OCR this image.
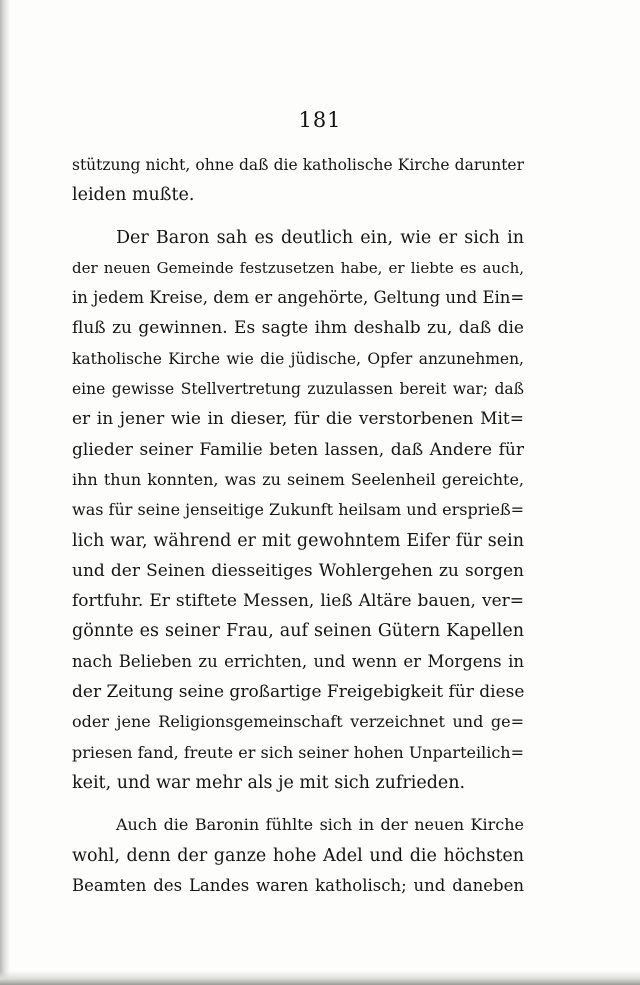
181
stützung nicht, ohne daß die katholische Kirche darunter
leiden mußte.
Der Baron sah es deutlich ein, wie er sich in
der neuen Gemeinde festzusetzen habe, er liebte es auch,
in jedem Kreise, dem er angehörte, Geltung und Ein=
fluß zu gewinnen. Es sagte ihm deshalb zu, daß die
katholische Kirche wie die jüdische, Opfer anzunehmen,
eine gewisse Stellvertretung zuzulassen bereit war; daß
er in jener wie in dieser, für die verstorbenen Mit=
glieder seiner Familie beten lassen, daß Andere für
ihn thun konnten, was zu seinem Seelenheil gereichte,
was für seine jenseitige Zukunft heilsam und ersprieß=
lich war, während er mit gewohntem Eifer für sein
und der Seinen diesseitiges Wohlergehen zu sorgen
fortfuhr. Er stiftete Messen, ließ Altäre bauen, ver=
gönnte es seiner Frau, auf seinen Gütern Kapellen
nach Belieben zu errichten, und wenn er Morgens in
der Zeitung seine großartige Freigebigkeit für diese
oder jene Religionsgemeinschaft verzeichnet und ge=
priesen fand, freute er sich seiner hohen Unparteilich=
keit, und war mehr als je mit sich zufrieden.
Auch die Baronin fühlte sich in der neuen Kirche
wohl, denn der ganze hohe Adel und die höchsten
Beamten des Landes waren katholisch; und daneben
